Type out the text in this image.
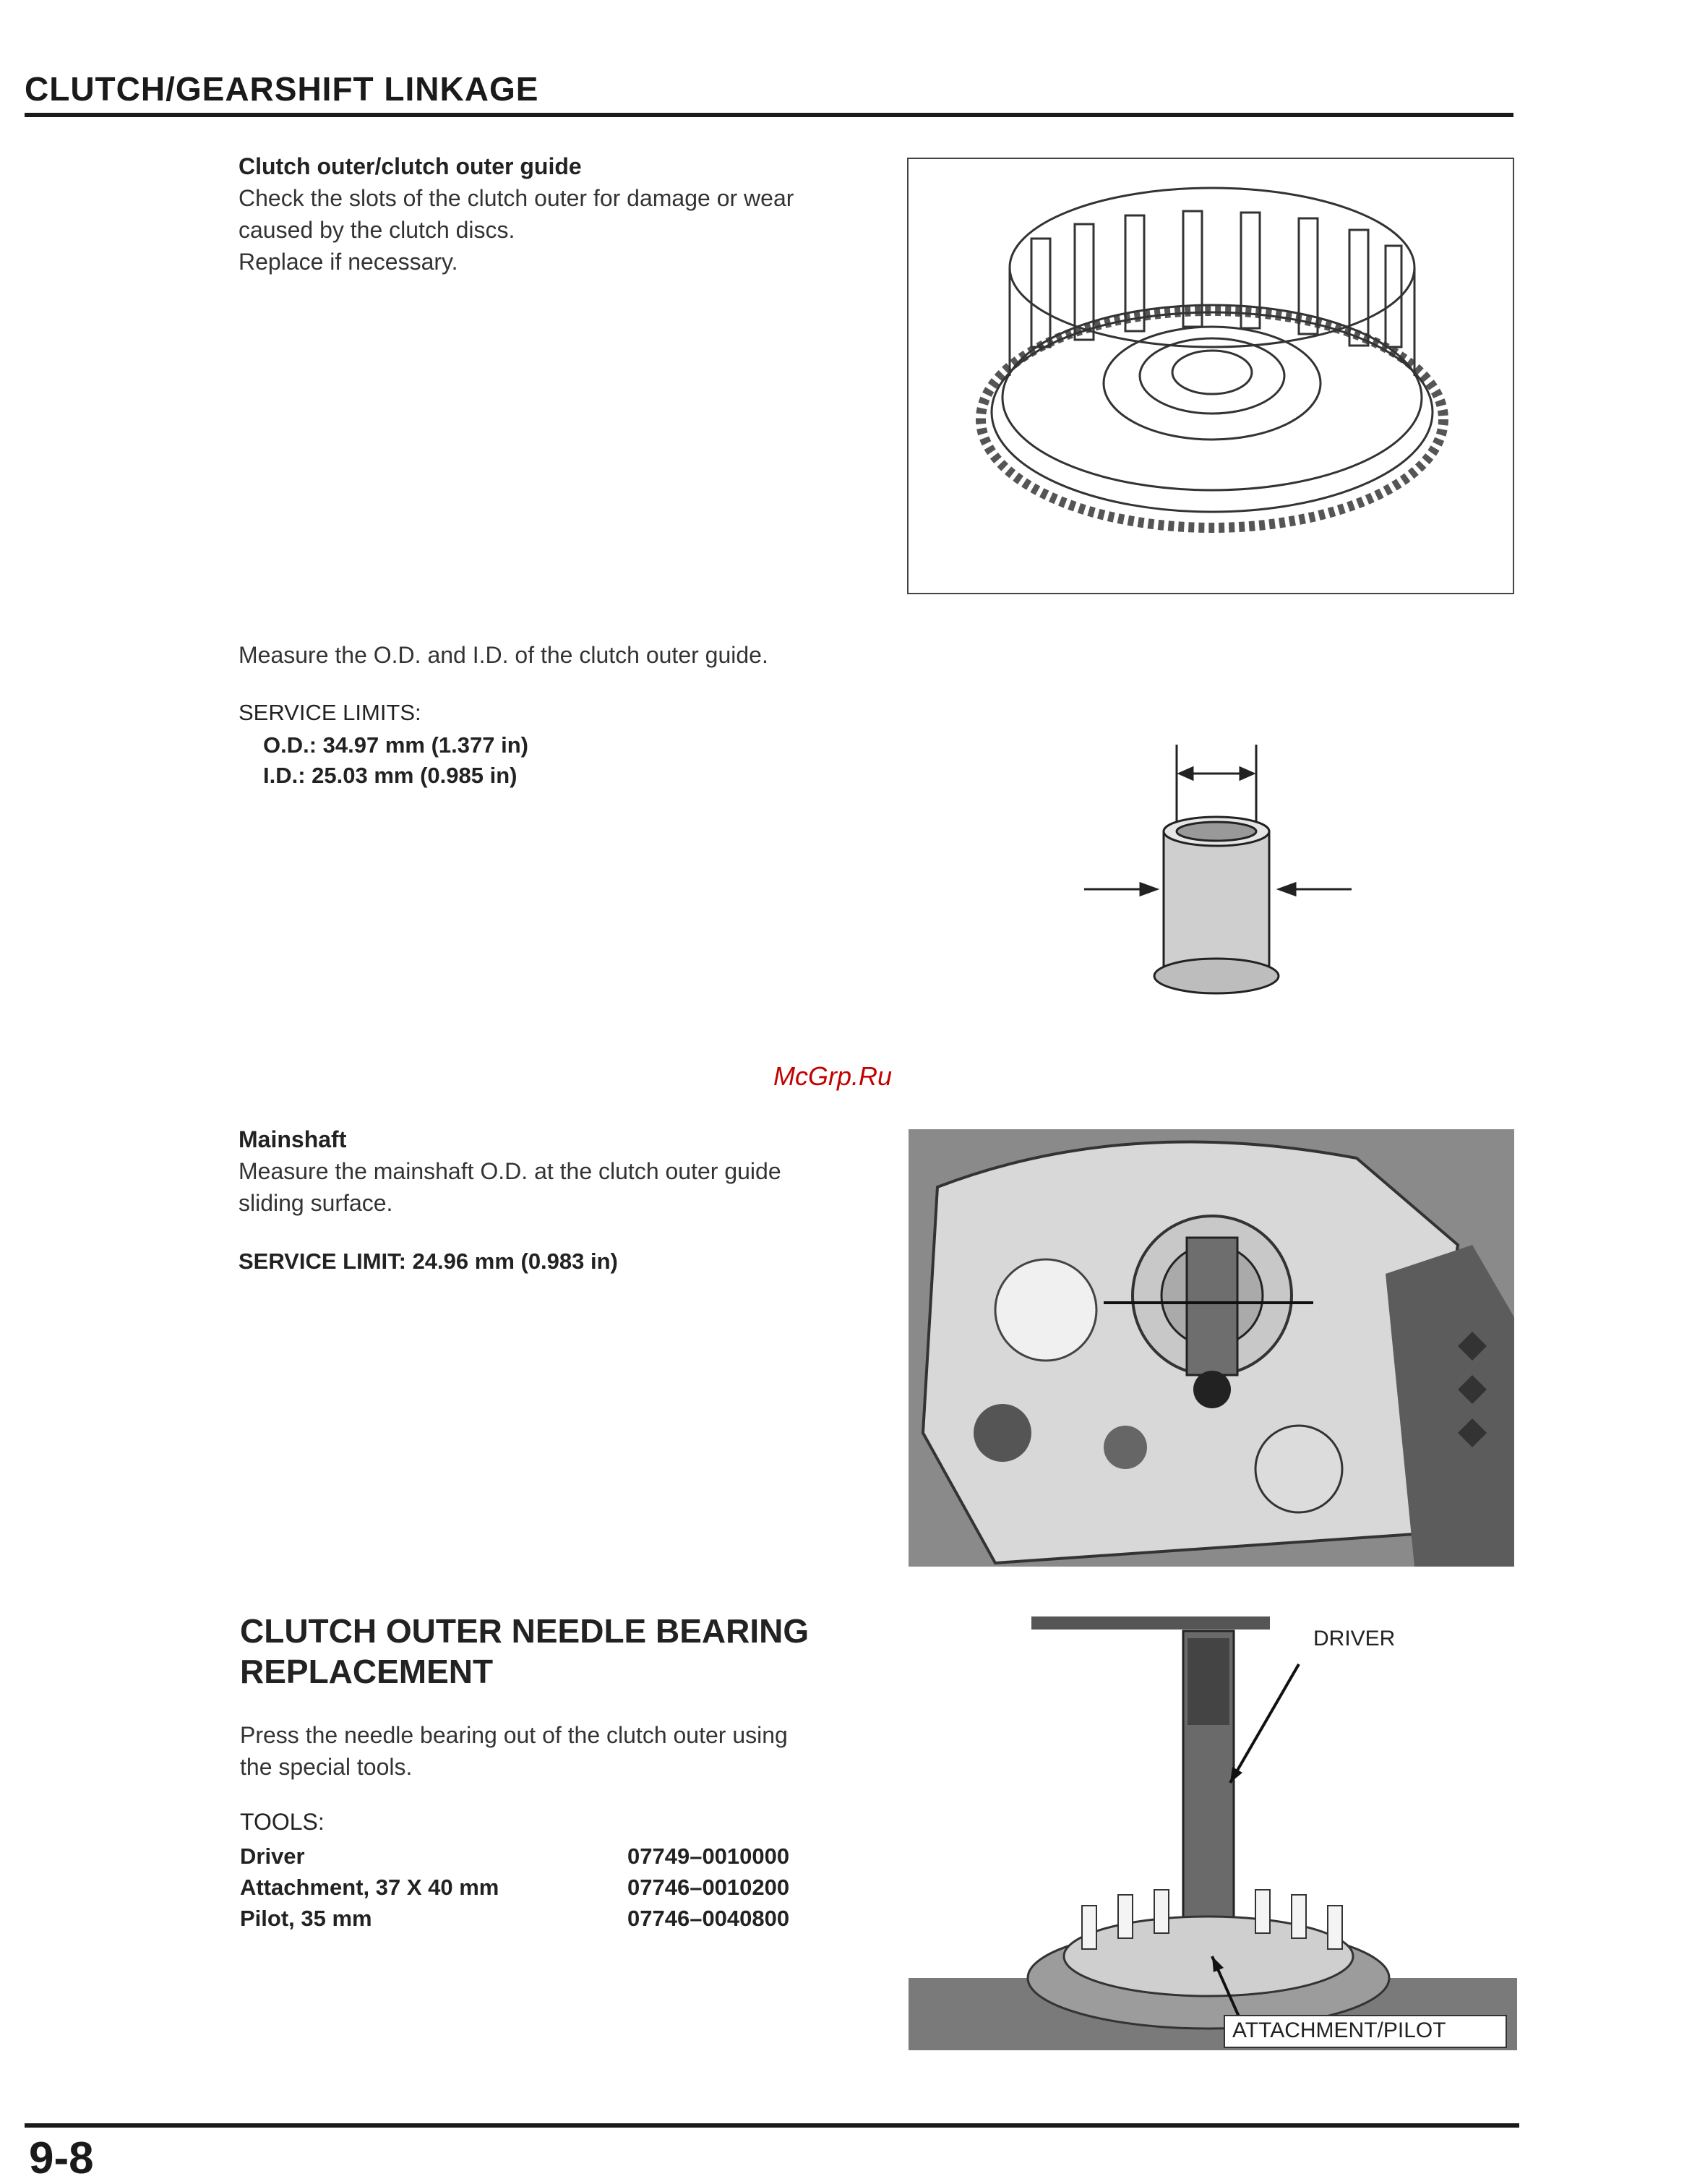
CLUTCH/GEARSHIFT LINKAGE
Clutch outer/clutch outer guide
Check the slots of the clutch outer for damage or wear
caused by the clutch discs.
Replace if necessary.
Measure the O.D. and I.D. of the clutch outer guide.
SERVICE LIMITS:
O.D.: 34.97 mm (1.377 in)
I.D.: 25.03 mm (0.985 in)
McGrp.Ru
Mainshaft
Measure the mainshaft O.D. at the clutch outer guide
sliding surface.
SERVICE LIMIT: 24.96 mm (0.983 in)
CLUTCH OUTER NEEDLE BEARING
REPLACEMENT
Press the needle bearing out of the clutch outer using
the special tools.
TOOLS:
Driver	07749–0010000
Attachment, 37 X 40 mm	07746–0010200
Pilot, 35 mm	07746–0040800
DRIVER
ATTACHMENT/PILOT
9-8
